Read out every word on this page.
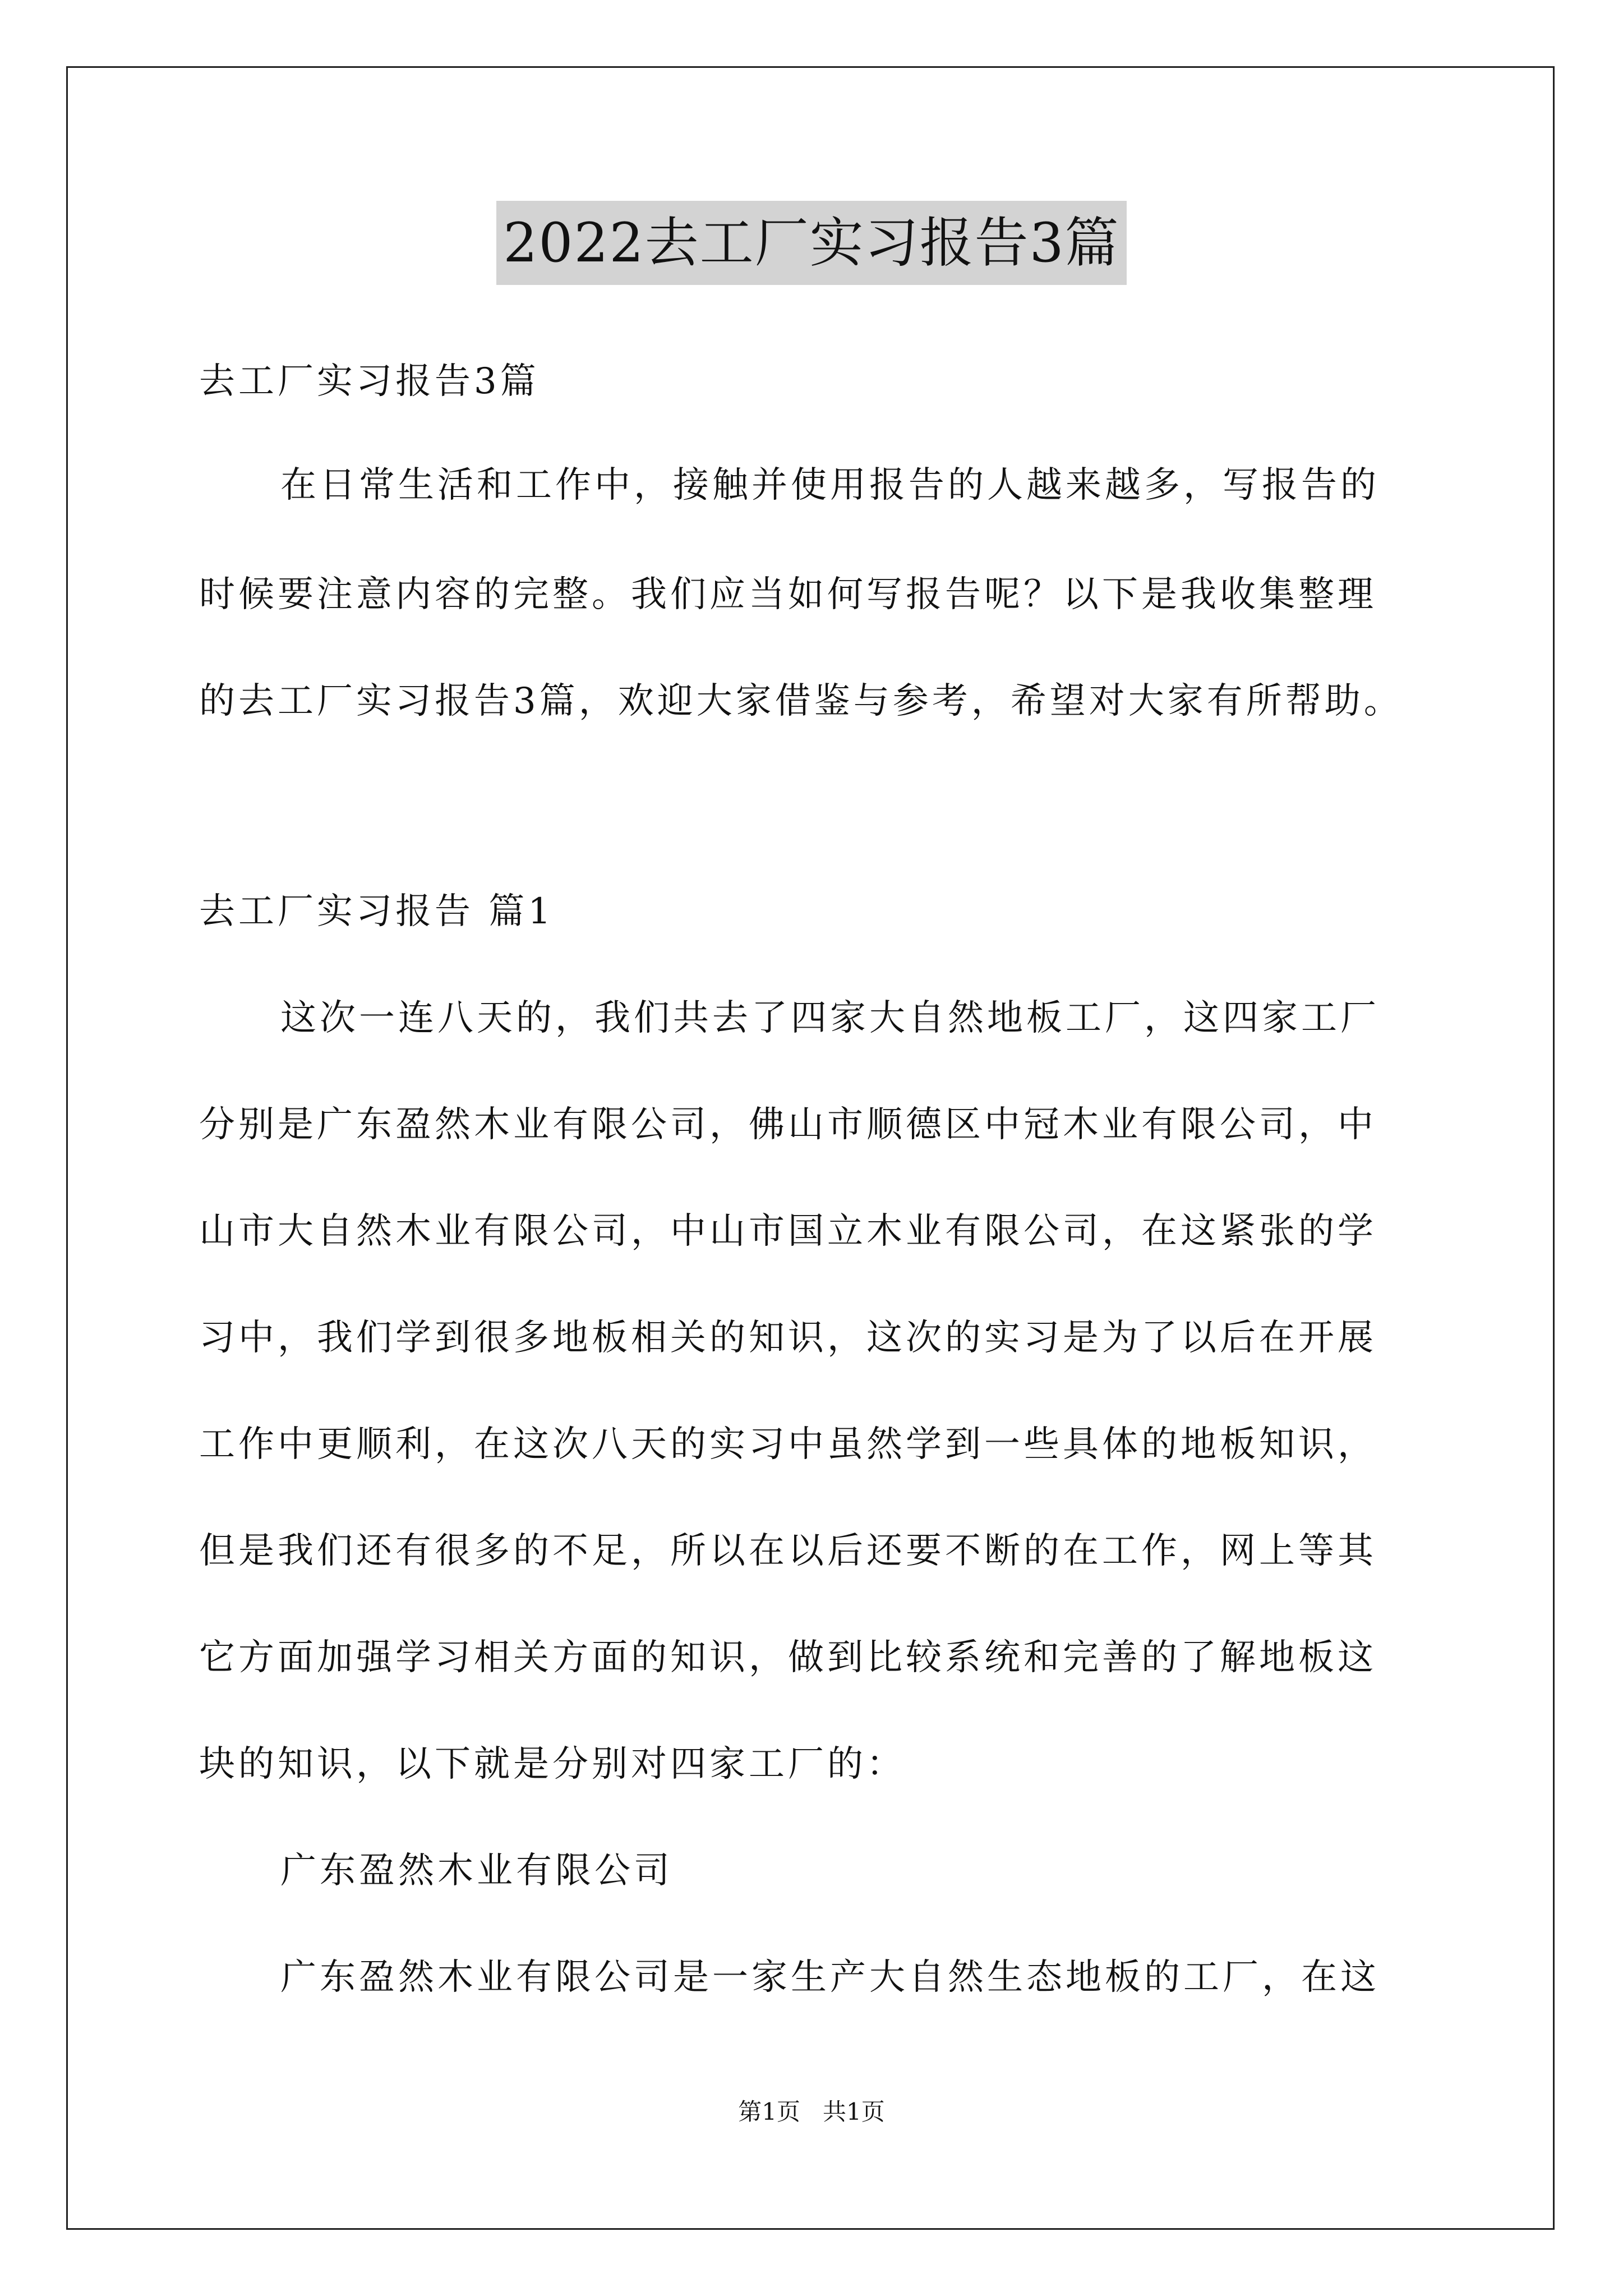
2022去工厂实习报告3篇
去工厂实习报告3篇
在日常生活和工作中，接触并使用报告的人越来越多，写报告的
时候要注意内容的完整。我们应当如何写报告呢？以下是我收集整理
的去工厂实习报告3篇，欢迎大家借鉴与参考，希望对大家有所帮助。
去工厂实习报告 篇1
这次一连八天的，我们共去了四家大自然地板工厂，这四家工厂
分别是广东盈然木业有限公司，佛山市顺德区中冠木业有限公司，中
山市大自然木业有限公司，中山市国立木业有限公司，在这紧张的学
习中，我们学到很多地板相关的知识，这次的实习是为了以后在开展
工作中更顺利，在这次八天的实习中虽然学到一些具体的地板知识，
但是我们还有很多的不足，所以在以后还要不断的在工作，网上等其
它方面加强学习相关方面的知识，做到比较系统和完善的了解地板这
块的知识，以下就是分别对四家工厂的：
广东盈然木业有限公司
广东盈然木业有限公司是一家生产大自然生态地板的工厂，在这
第1页   共1页
